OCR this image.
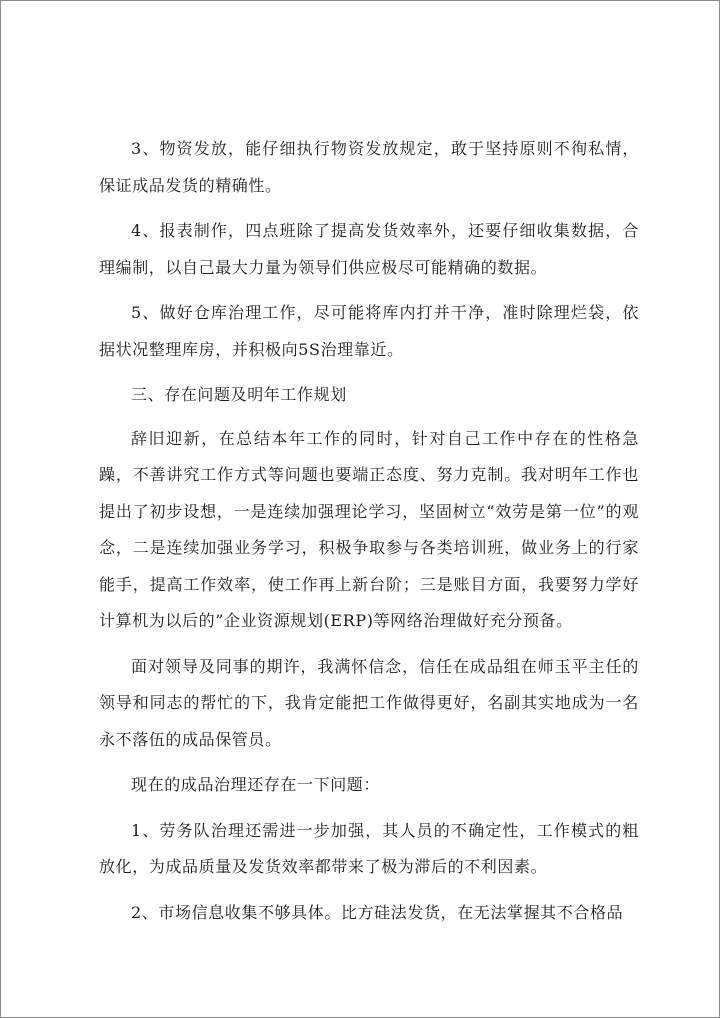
3、物资发放，能仔细执行物资发放规定，敢于坚持原则不徇私情，保证成品发货的精确性。

4、报表制作，四点班除了提高发货效率外，还要仔细收集数据，合理编制，以自己最大力量为领导们供应极尽可能精确的数据。

5、做好仓库治理工作，尽可能将库内打并干净，准时除理烂袋，依据状况整理库房，并积极向5S治理靠近。

三、存在问题及明年工作规划

辞旧迎新，在总结本年工作的同时，针对自己工作中存在的性格急躁，不善讲究工作方式等问题也要端正态度、努力克制。我对明年工作也提出了初步设想，一是连续加强理论学习，坚固树立“效劳是第一位”的观念，二是连续加强业务学习，积极争取参与各类培训班，做业务上的行家能手，提高工作效率，使工作再上新台阶；三是账目方面，我要努力学好计算机为以后的”企业资源规划(ERP)等网络治理做好充分预备。

面对领导及同事的期许，我满怀信念，信任在成品组在师玉平主任的领导和同志的帮忙的下，我肯定能把工作做得更好，名副其实地成为一名永不落伍的成品保管员。

现在的成品治理还存在一下问题：

1、劳务队治理还需进一步加强，其人员的不确定性，工作模式的粗放化，为成品质量及发货效率都带来了极为滞后的不利因素。

2、市场信息收集不够具体。比方硅法发货，在无法掌握其不合格品
